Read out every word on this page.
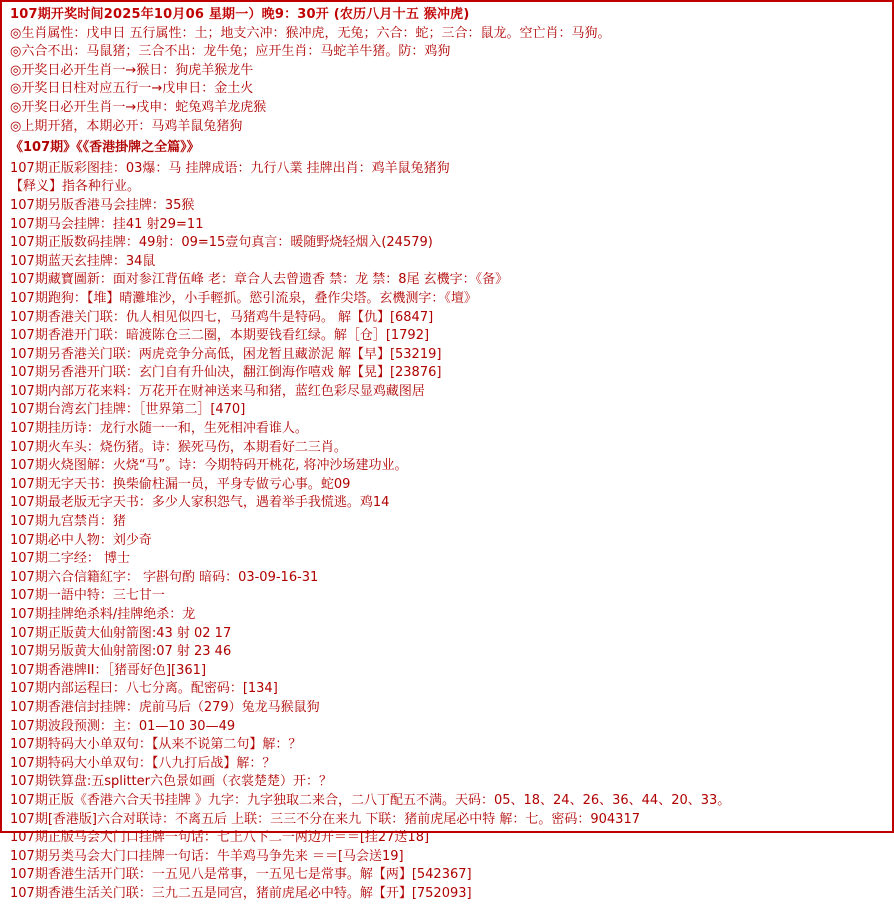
107期开奖时间2025年10月06 星期一）晚9：30开 (农历八月十五 猴冲虎)
◎生肖属性：戊申日 五行属性：土；地支六冲：猴冲虎，无兔；六合：蛇；三合：鼠龙。空亡肖：马狗。
◎六合不出：马鼠猪；三合不出：龙牛兔；应开生肖：马蛇羊牛猪。防：鸡狗
◎开奖日必开生肖一→猴日：狗虎羊猴龙牛
◎开奖日日柱对应五行一→戊申日：金土火
◎开奖日必开生肖一→戌申：蛇兔鸡羊龙虎猴
◎上期开猪，本期必开：马鸡羊鼠兔猪狗
《107期》《《香港掛牌之全篇》》
107期正版彩图挂：03爆：马 挂牌成语：九行八業 挂牌出肖：鸡羊鼠兔猪狗
【释义】指各种行业。
107期另版香港马会挂牌：35猴
107期马会挂牌：挂41 射29=11
107期正版数码挂牌：49射：09=15壹句真言：暖随野烧轻烟入(24579)
107期蓝天玄挂牌：34鼠
107期藏寶圖新：面对参江背伍峰 老：章合人去曾遗香 禁：龙 禁：8尾 玄機字：《备》
107期跑狗：【堆】晴灘堆沙，小手輕抓。慾引流泉，叠作尖塔。玄機测字：《壇》
107期香港关门联：仇人相见似四七，马猪鸡牛是特码。 解【仇】[6847]
107期香港开门联：暗渡陈仓三二圈，本期要钱看红绿。解［仓］[1792]
107期另香港关门联：两虎竞争分高低，困龙暂且藏淤泥 解【早】[53219]
107期另香港开门联：玄门自有升仙决，翻江倒海作嘻戏 解【晃】[23876]
107期内部万花来料：万花开在财神送来马和猪，蓝红色彩尽显鸡藏图居
107期台湾玄门挂牌：［世界第二］[470]
107期挂历诗：龙行水随一一和，生死相冲看谁人。
107期火车头：烧伤猪。诗：猴死马伤，本期看好二三肖。
107期火烧图解：火烧“马”。诗：今期特码开桃花, 将冲沙场建功业。
107期无字天书：换柴偷柱漏一员，平身专做亏心事。蛇09
107期最老版无字天书：多少人家积怨气，遇着举手我慌逃。鸡14
107期九宫禁肖：猪
107期必中人物：刘少奇
107期二字经： 博士
107期六合信籍紅字： 字斟句酌 暗码：03-09-16-31
107期一語中特：三七甘一
107期挂牌绝杀料/挂牌绝杀：龙
107期正版黄大仙射箭图:43 射 02 17
107期另版黄大仙射箭图:07 射 23 46
107期香港牌II：［猪哥好色][361]
107期内部运程曰：八七分离。配密码：[134]
107期香港信封挂牌：虎前马后（279）兔龙马猴鼠狗
107期波段预测：主：01—10 30—49
107期特码大小单双句：【从来不说第二句】解：？
107期特码大小单双句：【八九打后战】解：？
107期铁算盘:五splitter六色景如画（衣裳楚楚）开：？
107期正版《香港六合天书挂牌 》九字：九字独取二来合，二八丁配五不满。天码：05、18、24、26、36、44、20、33。
107期[香港版]六合对联诗：不离五后 上联：三三不分在来九 下联：猪前虎尾必中特 解：七。密码：904317
107期正版马会大门口挂牌一句话：七上八下二一两边开＝＝[挂27送18]
107期另类马会大门口挂牌一句话：牛羊鸡马争先来 ＝＝[马会送19]
107期香港生活开门联：一五见八是常事，一五见七是常事。解【两】[542367]
107期香港生活关门联：三九二五是同宫，猪前虎尾必中特。解【开】[752093]
